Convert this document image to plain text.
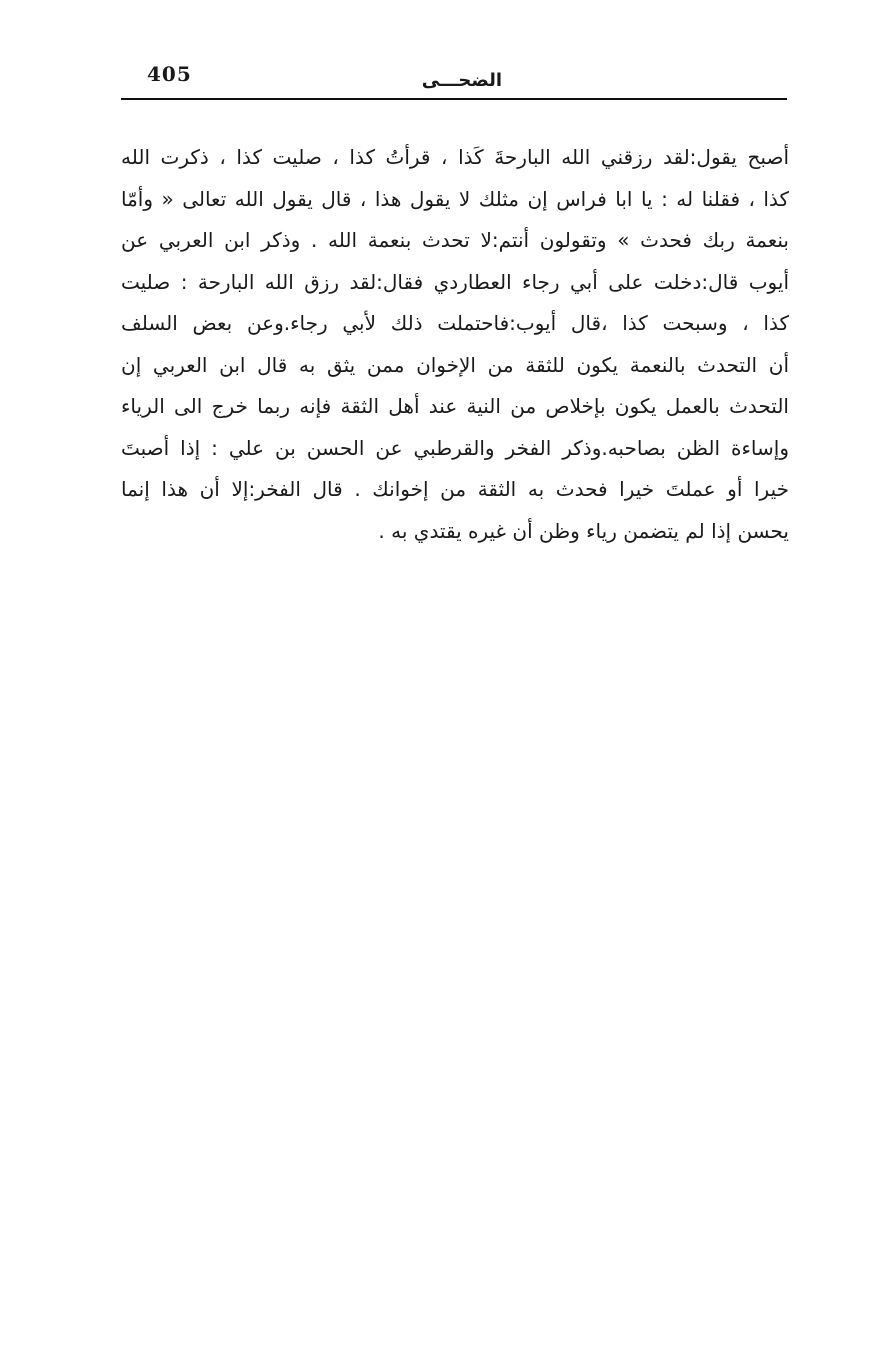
405	الضحـــى
أصبح يقول:لقد رزقني الله البارحةَ كَذا ، قرأتُ كذا ، صليت كذا ، ذكرت الله
كذا ، فقلنا له : يا ابا فراس إن مثلك لا يقول هذا ، قال يقول الله تعالى « وأمّا
بنعمة ربك فحدث » وتقولون أنتم:لا تحدث بنعمة الله . وذكر ابن العربي عن
أيوب قال:دخلت على أبي رجاء العطاردي فقال:لقد رزق الله البارحة : صليت
كذا ، وسبحت كذا ،قال أيوب:فاحتملت ذلك لأبي رجاء.وعن بعض السلف
أن التحدث بالنعمة يكون للثقة من الإخوان ممن يثق به قال ابن العربي إن
التحدث بالعمل يكون بإخلاص من النية عند أهل الثقة فإنه ربما خرج الى الرياء
وإساءة الظن بصاحبه.وذكر الفخر والقرطبي عن الحسن بن علي : إذا أصبتَ
خيرا أو عملتَ خيرا فحدث به الثقة من إخوانك . قال الفخر:إلا أن هذا إنما
يحسن إذا لم يتضمن رياء وظن أن غيره يقتدي به .
